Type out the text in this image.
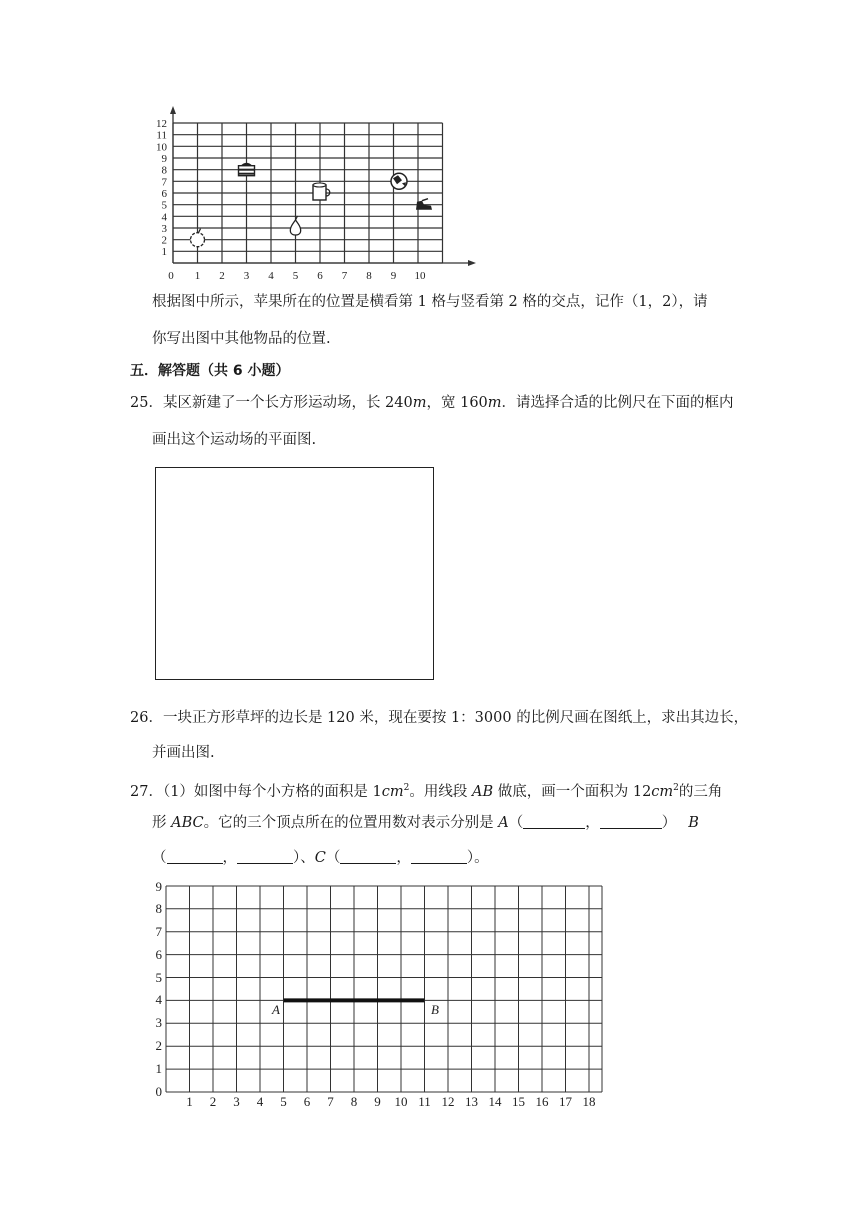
1
2
3
4
5
6
7
8
9
10
11
12
0 1 2 3 4 5 6 7 8 9 10
根据图中所示，苹果所在的位置是横看第 1 格与竖看第 2 格的交点，记作（1，2），请
你写出图中其他物品的位置.
五．解答题（共 6 小题）
25．某区新建了一个长方形运动场，长 240m，宽 160m．请选择合适的比例尺在下面的框内
画出这个运动场的平面图.
26．一块正方形草坪的边长是 120 米，现在要按 1：3000 的比例尺画在图纸上，求出其边长，
并画出图.
27．（1）如图中每个小方格的面积是 $1cm^2$。用线段 AB 做底，画一个面积为 $12cm^2$的三角
形 ABC。它的三个顶点所在的位置用数对表示分别是 A（	，	） B
（	，	）、C（	，	）。
A	B
0
1
2
3
4
5
6
7
8
9
1 2 3 4 5 6 7 8 9 10 11 12 13 14 15 16 17 18
